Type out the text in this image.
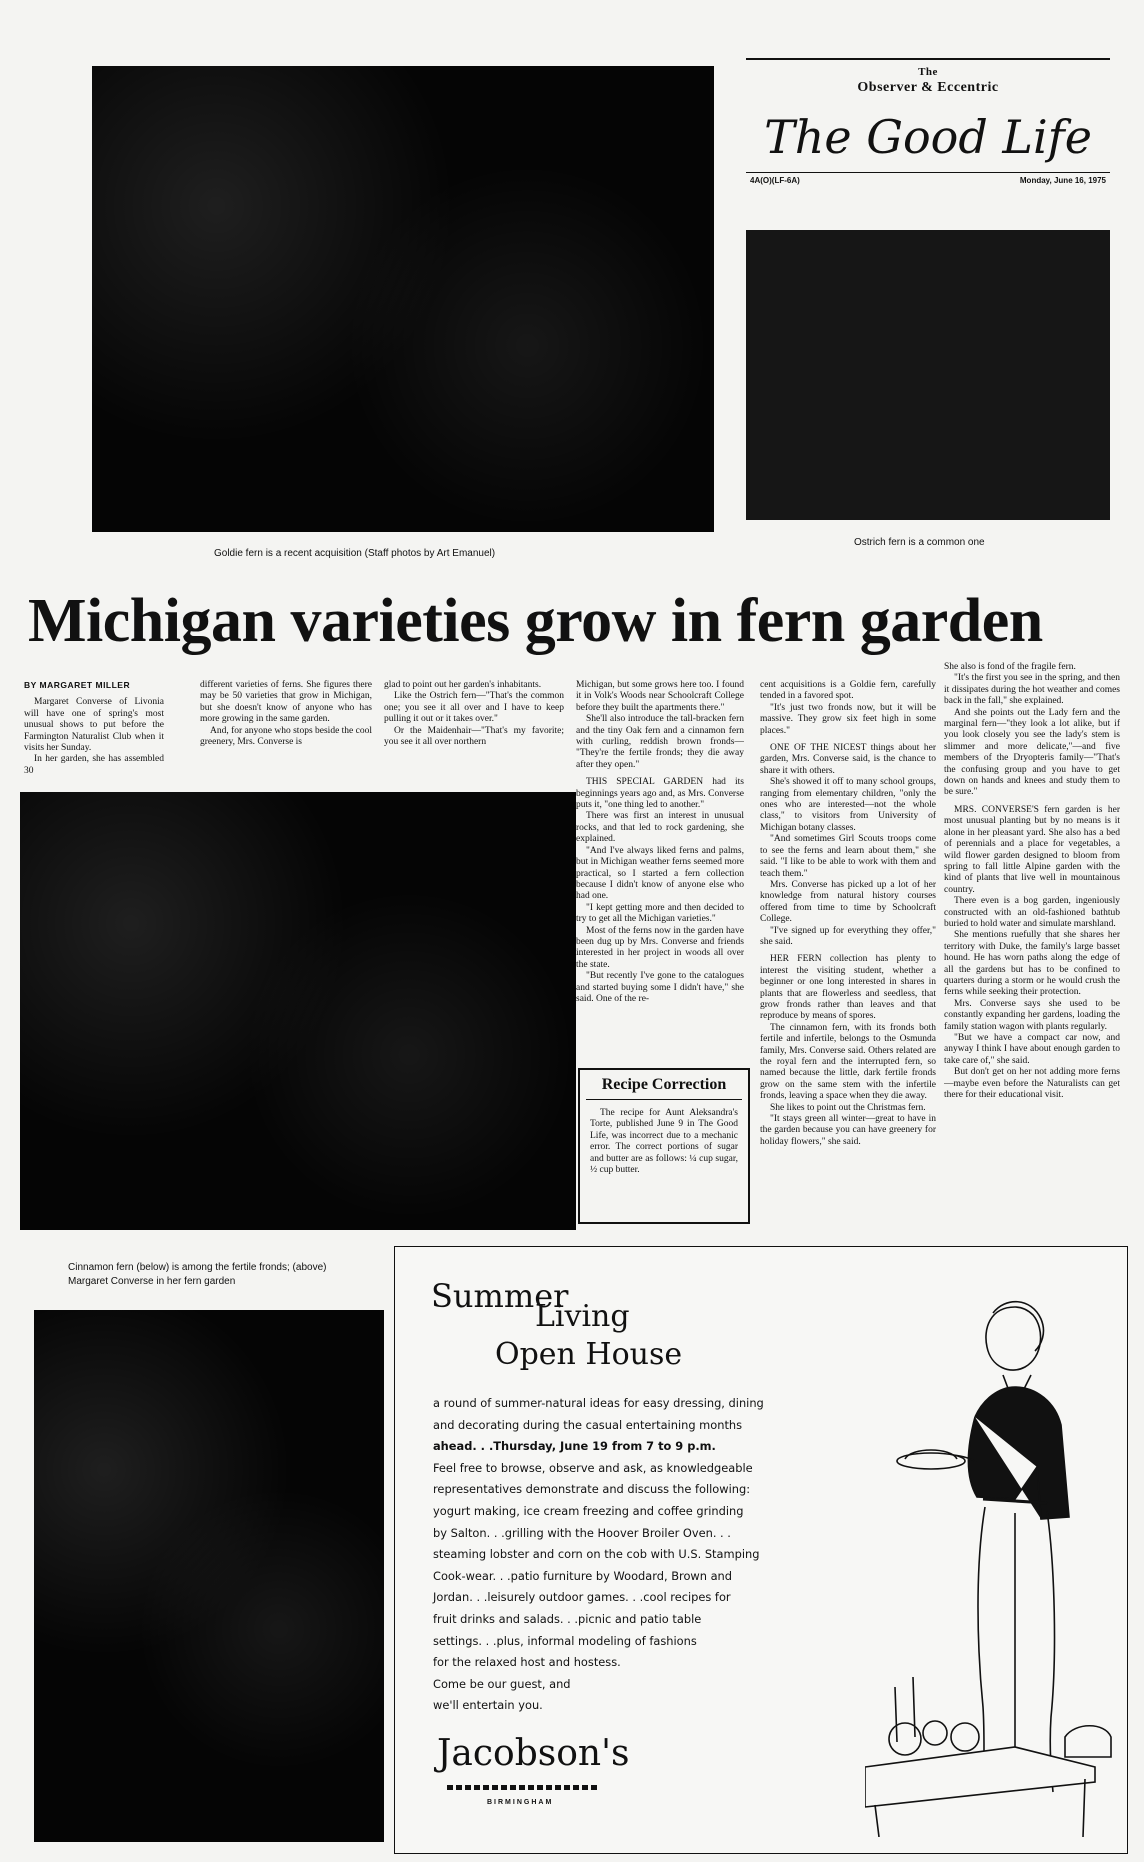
The
Observer & Eccentric
The Good Life
4A(O)(LF-6A)	Monday, June 16, 1975
Goldie fern is a recent acquisition (Staff photos by Art Emanuel)
Ostrich fern is a common one
Michigan varieties grow in fern garden
BY MARGARET MILLER

Margaret Converse of Livonia will have one of spring's most unusual shows to put before the Farmington Naturalist Club when it visits her Sunday.

In her garden, she has assembled 30

different varieties of ferns. She figures there may be 50 varieties that grow in Michigan, but she doesn't know of anyone who has more growing in the same garden.

And, for anyone who stops beside the cool greenery, Mrs. Converse is

glad to point out her garden's inhabitants.

Like the Ostrich fern—"That's the common one; you see it all over and I have to keep pulling it out or it takes over."

Or the Maidenhair—"That's my favorite; you see it all over northern

Michigan, but some grows here too. I found it in Volk's Woods near Schoolcraft College before they built the apartments there."

She'll also introduce the tall-bracken fern and the tiny Oak fern and a cinnamon fern with curling, reddish brown fronds— "They're the fertile fronds; they die away after they open."

THIS SPECIAL GARDEN had its beginnings years ago and, as Mrs. Converse puts it, "one thing led to another."

There was first an interest in unusual rocks, and that led to rock gardening, she explained.

"And I've always liked ferns and palms, but in Michigan weather ferns seemed more practical, so I started a fern collection because I didn't know of anyone else who had one.

"I kept getting more and then decided to try to get all the Michigan varieties."

Most of the ferns now in the garden have been dug up by Mrs. Converse and friends interested in her project in woods all over the state.

"But recently I've gone to the catalogues and started buying some I didn't have," she said. One of the re-

Recipe Correction

The recipe for Aunt Aleksandra's Torte, published June 9 in The Good Life, was incorrect due to a mechanic error. The correct portions of sugar and butter are as follows: ¼ cup sugar, ½ cup butter.

cent acquisitions is a Goldie fern, carefully tended in a favored spot.

"It's just two fronds now, but it will be massive. They grow six feet high in some places."

ONE OF THE NICEST things about her garden, Mrs. Converse said, is the chance to share it with others.

She's showed it off to many school groups, ranging from elementary children, "only the ones who are interested—not the whole class," to visitors from University of Michigan botany classes.

"And sometimes Girl Scouts troops come to see the ferns and learn about them," she said. "I like to be able to work with them and teach them."

Mrs. Converse has picked up a lot of her knowledge from natural history courses offered from time to time by Schoolcraft College.

"I've signed up for everything they offer," she said.

HER FERN collection has plenty to interest the visiting student, whether a beginner or one long interested in shares in plants that are flowerless and seedless, that grow fronds rather than leaves and that reproduce by means of spores.

The cinnamon fern, with its fronds both fertile and infertile, belongs to the Osmunda family, Mrs. Converse said. Others related are the royal fern and the interrupted fern, so named because the little, dark fertile fronds grow on the same stem with the infertile fronds, leaving a space when they die away.

She likes to point out the Christmas fern.

"It stays green all winter—great to have in the garden because you can have greenery for holiday flowers," she said.

She also is fond of the fragile fern.

"It's the first you see in the spring, and then it dissipates during the hot weather and comes back in the fall," she explained.

And she points out the Lady fern and the marginal fern—"they look a lot alike, but if you look closely you see the lady's stem is slimmer and more delicate,"—and five members of the Dryopteris family—"That's the confusing group and you have to get down on hands and knees and study them to be sure."

MRS. CONVERSE'S fern garden is her most unusual planting but by no means is it alone in her pleasant yard. She also has a bed of perennials and a place for vegetables, a wild flower garden designed to bloom from spring to fall little Alpine garden with the kind of plants that live well in mountainous country.

There even is a bog garden, ingeniously constructed with an old-fashioned bathtub buried to hold water and simulate marshland.

She mentions ruefully that she shares her territory with Duke, the family's large basset hound. He has worn paths along the edge of all the gardens but has to be confined to quarters during a storm or he would crush the ferns while seeking their protection.

Mrs. Converse says she used to be constantly expanding her gardens, loading the family station wagon with plants regularly.

"But we have a compact car now, and anyway I think I have about enough garden to take care of," she said.

But don't get on her not adding more ferns—maybe even before the Naturalists can get there for their educational visit.

Cinnamon fern (below) is among the fertile fronds; (above)
Margaret Converse in her fern garden	Summer
Living
Open House
a round of summer-natural ideas for easy dressing, dining
and decorating during the casual entertaining months
ahead. . .Thursday, June 19 from 7 to 9 p.m.
Feel free to browse, observe and ask, as knowledgeable
representatives demonstrate and discuss the following:
yogurt making, ice cream freezing and coffee grinding
by Salton. . .grilling with the Hoover Broiler Oven. . .
steaming lobster and corn on the cob with U.S. Stamping
Cook-wear. . .patio furniture by Woodard, Brown and
Jordan. . .leisurely outdoor games. . .cool recipes for
fruit drinks and salads. . .picnic and patio table
settings. . .plus, informal modeling of fashions
for the relaxed host and hostess.
Come be our guest, and
we'll entertain you.
Jacobson's
BIRMINGHAM
